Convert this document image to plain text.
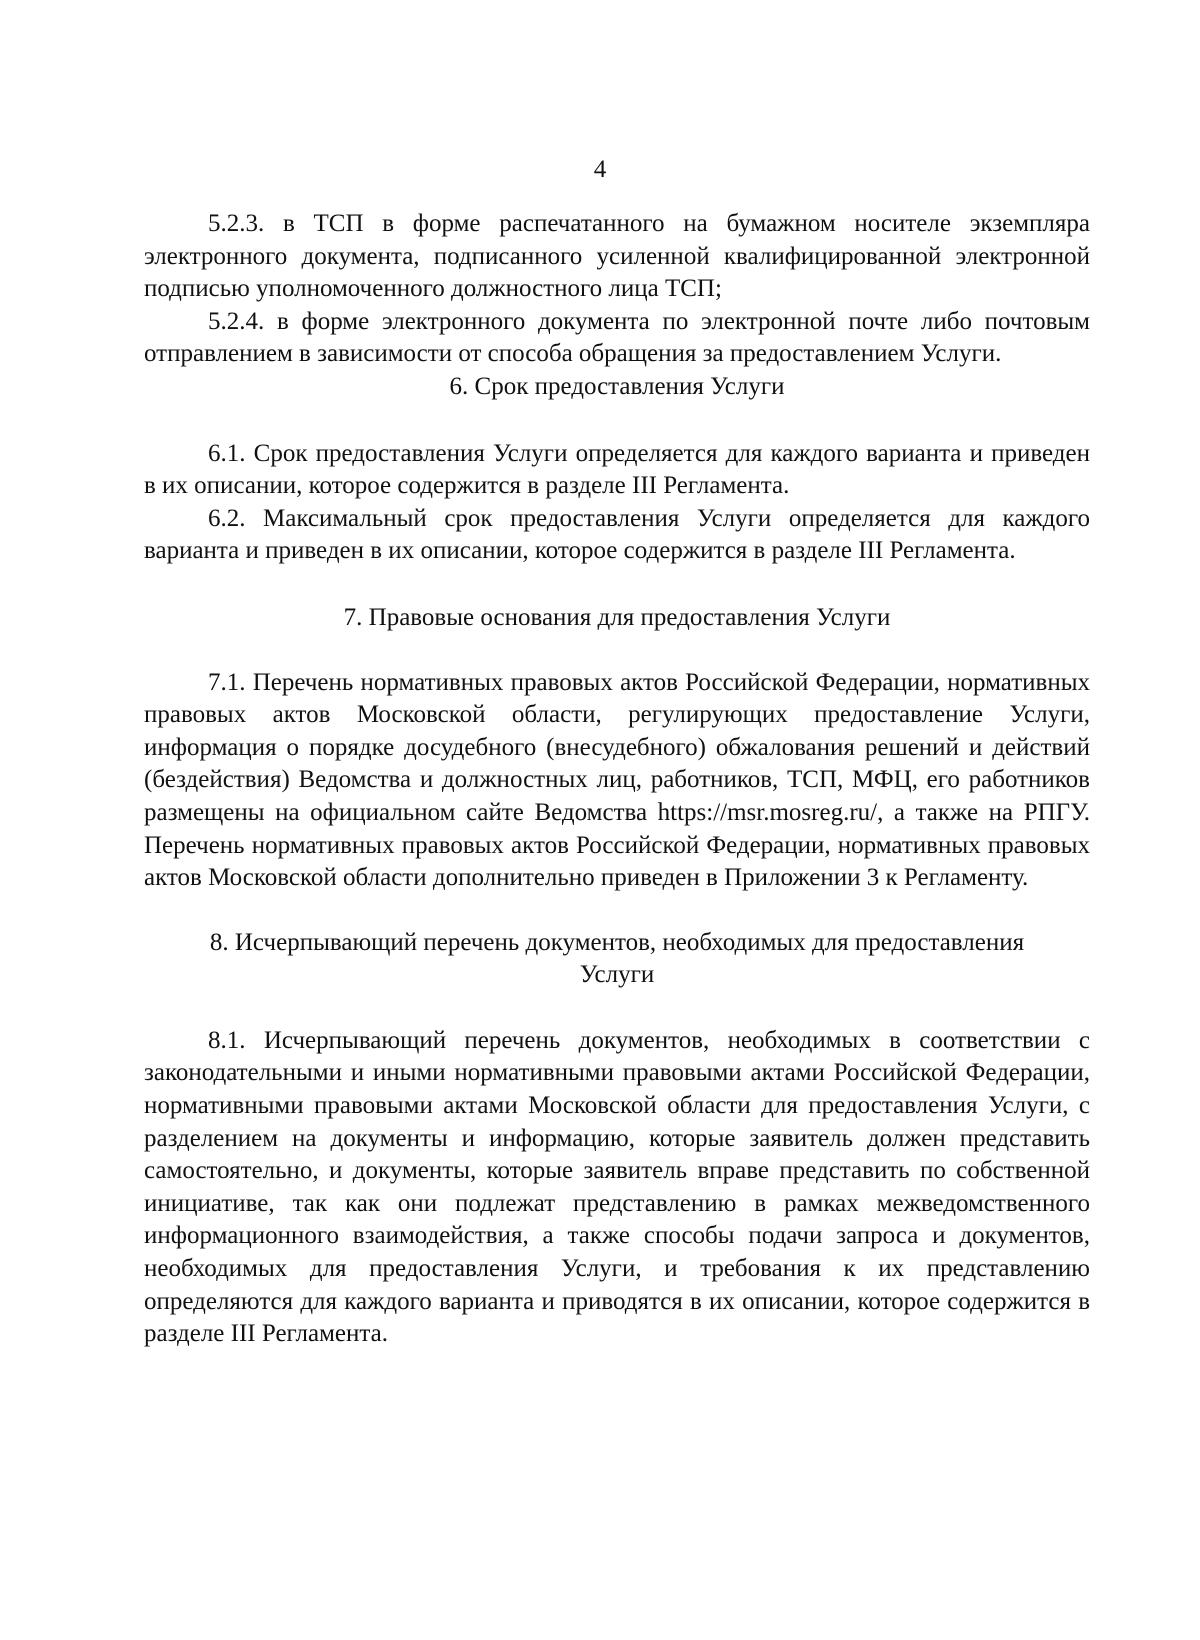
4

5.2.3. в ТСП в форме распечатанного на бумажном носителе экземпляра электронного документа, подписанного усиленной квалифицированной электронной подписью уполномоченного должностного лица ТСП;

5.2.4. в форме электронного документа по электронной почте либо почтовым отправлением в зависимости от способа обращения за предоставлением Услуги.

6. Срок предоставления Услуги

6.1. Срок предоставления Услуги определяется для каждого варианта и приведен в их описании, которое содержится в разделе III Регламента.

6.2. Максимальный срок предоставления Услуги определяется для каждого варианта и приведен в их описании, которое содержится в разделе III Регламента.

7. Правовые основания для предоставления Услуги

7.1. Перечень нормативных правовых актов Российской Федерации, нормативных правовых актов Московской области, регулирующих предоставление Услуги, информация о порядке досудебного (внесудебного) обжалования решений и действий (бездействия) Ведомства и должностных лиц, работников, ТСП, МФЦ, его работников размещены на официальном сайте Ведомства https://msr.mosreg.ru/, а также на РПГУ. Перечень нормативных правовых актов Российской Федерации, нормативных правовых актов Московской области дополнительно приведен в Приложении 3 к Регламенту.

8. Исчерпывающий перечень документов, необходимых для предоставления
Услуги

8.1. Исчерпывающий перечень документов, необходимых в соответствии с законодательными и иными нормативными правовыми актами Российской Федерации, нормативными правовыми актами Московской области для предоставления Услуги, с разделением на документы и информацию, которые заявитель должен представить самостоятельно, и документы, которые заявитель вправе представить по собственной инициативе, так как они подлежат представлению в рамках межведомственного информационного взаимодействия, а также способы подачи запроса и документов, необходимых для предоставления Услуги, и требования к их представлению определяются для каждого варианта и приводятся в их описании, которое содержится в разделе III Регламента.
